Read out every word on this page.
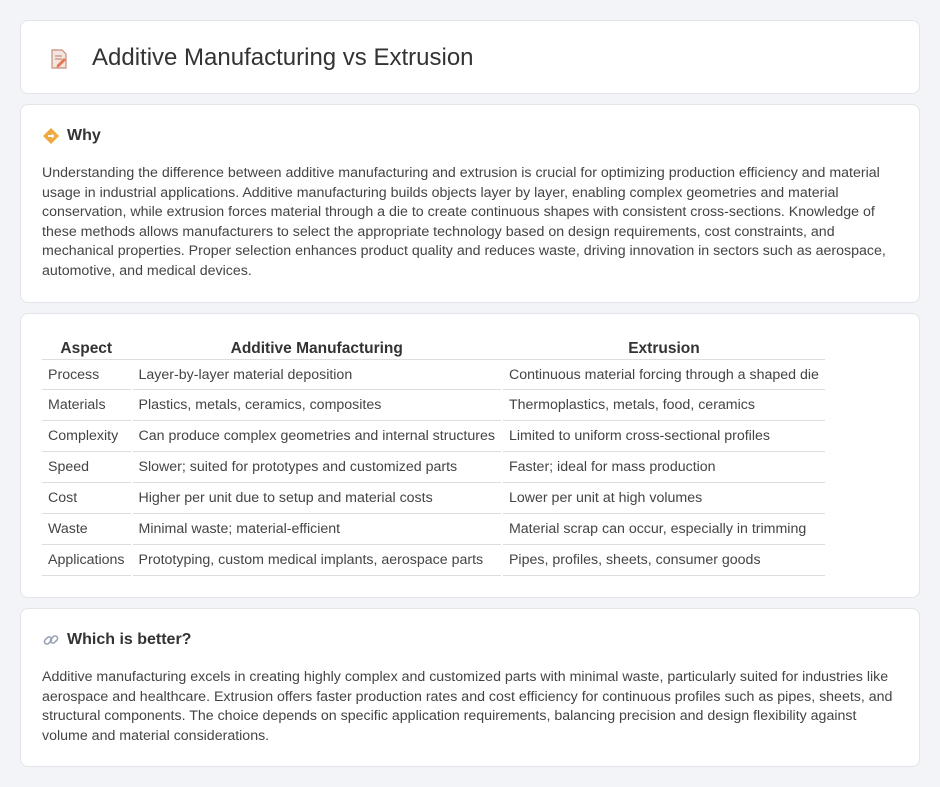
Additive Manufacturing vs Extrusion
Why

Understanding the difference between additive manufacturing and extrusion is crucial for optimizing production efficiency and material usage in industrial applications. Additive manufacturing builds objects layer by layer, enabling complex geometries and material conservation, while extrusion forces material through a die to create continuous shapes with consistent cross-sections. Knowledge of these methods allows manufacturers to select the appropriate technology based on design requirements, cost constraints, and mechanical properties. Proper selection enhances product quality and reduces waste, driving innovation in sectors such as aerospace, automotive, and medical devices.

Aspect		Additive Manufacturing		Extrusion
Process		Layer-by-layer material deposition		Continuous material forcing through a shaped die
Materials		Plastics, metals, ceramics, composites		Thermoplastics, metals, food, ceramics
Complexity		Can produce complex geometries and internal structures		Limited to uniform cross-sectional profiles
Speed		Slower; suited for prototypes and customized parts		Faster; ideal for mass production
Cost		Higher per unit due to setup and material costs		Lower per unit at high volumes
Waste		Minimal waste; material-efficient		Material scrap can occur, especially in trimming
Applications		Prototyping, custom medical implants, aerospace parts		Pipes, profiles, sheets, consumer goods
Which is better?

Additive manufacturing excels in creating highly complex and customized parts with minimal waste, particularly suited for industries like aerospace and healthcare. Extrusion offers faster production rates and cost efficiency for continuous profiles such as pipes, sheets, and structural components. The choice depends on specific application requirements, balancing precision and design flexibility against volume and material considerations.
